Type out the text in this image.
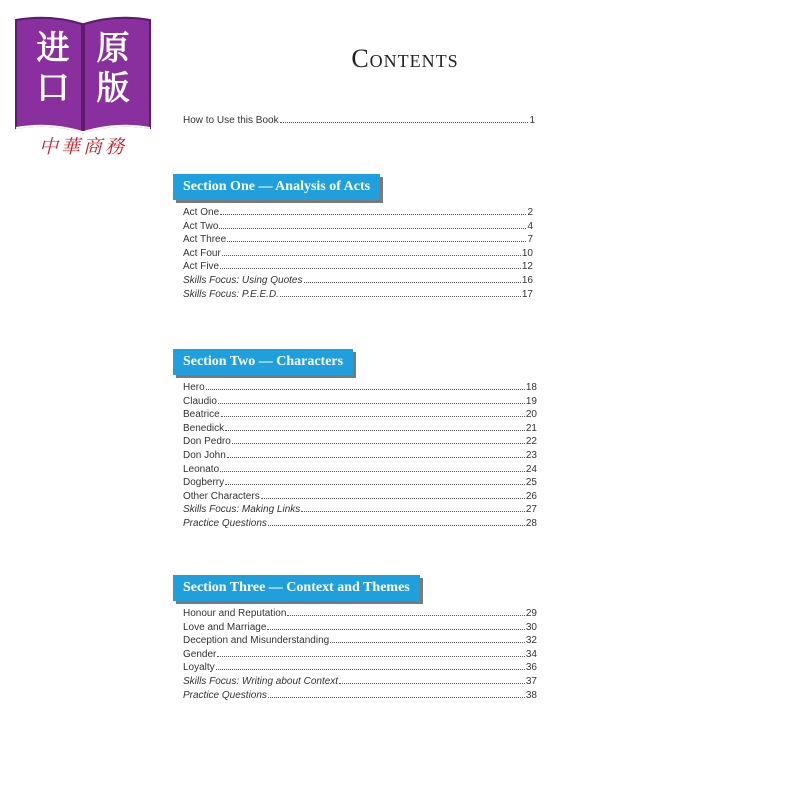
进口
原版
中華商務
Contents
How to Use this Book	1
Section One — Analysis of Acts
Act One	2
Act Two	4
Act Three	7
Act Four	10
Act Five	12
Skills Focus: Using Quotes	16
Skills Focus: P.E.E.D.	17
Section Two — Characters
Hero	18
Claudio	19
Beatrice	20
Benedick	21
Don Pedro	22
Don John	23
Leonato	24
Dogberry	25
Other Characters	26
Skills Focus: Making Links	27
Practice Questions	28
Section Three — Context and Themes
Honour and Reputation	29
Love and Marriage	30
Deception and Misunderstanding	32
Gender	34
Loyalty	36
Skills Focus: Writing about Context	37
Practice Questions	38
